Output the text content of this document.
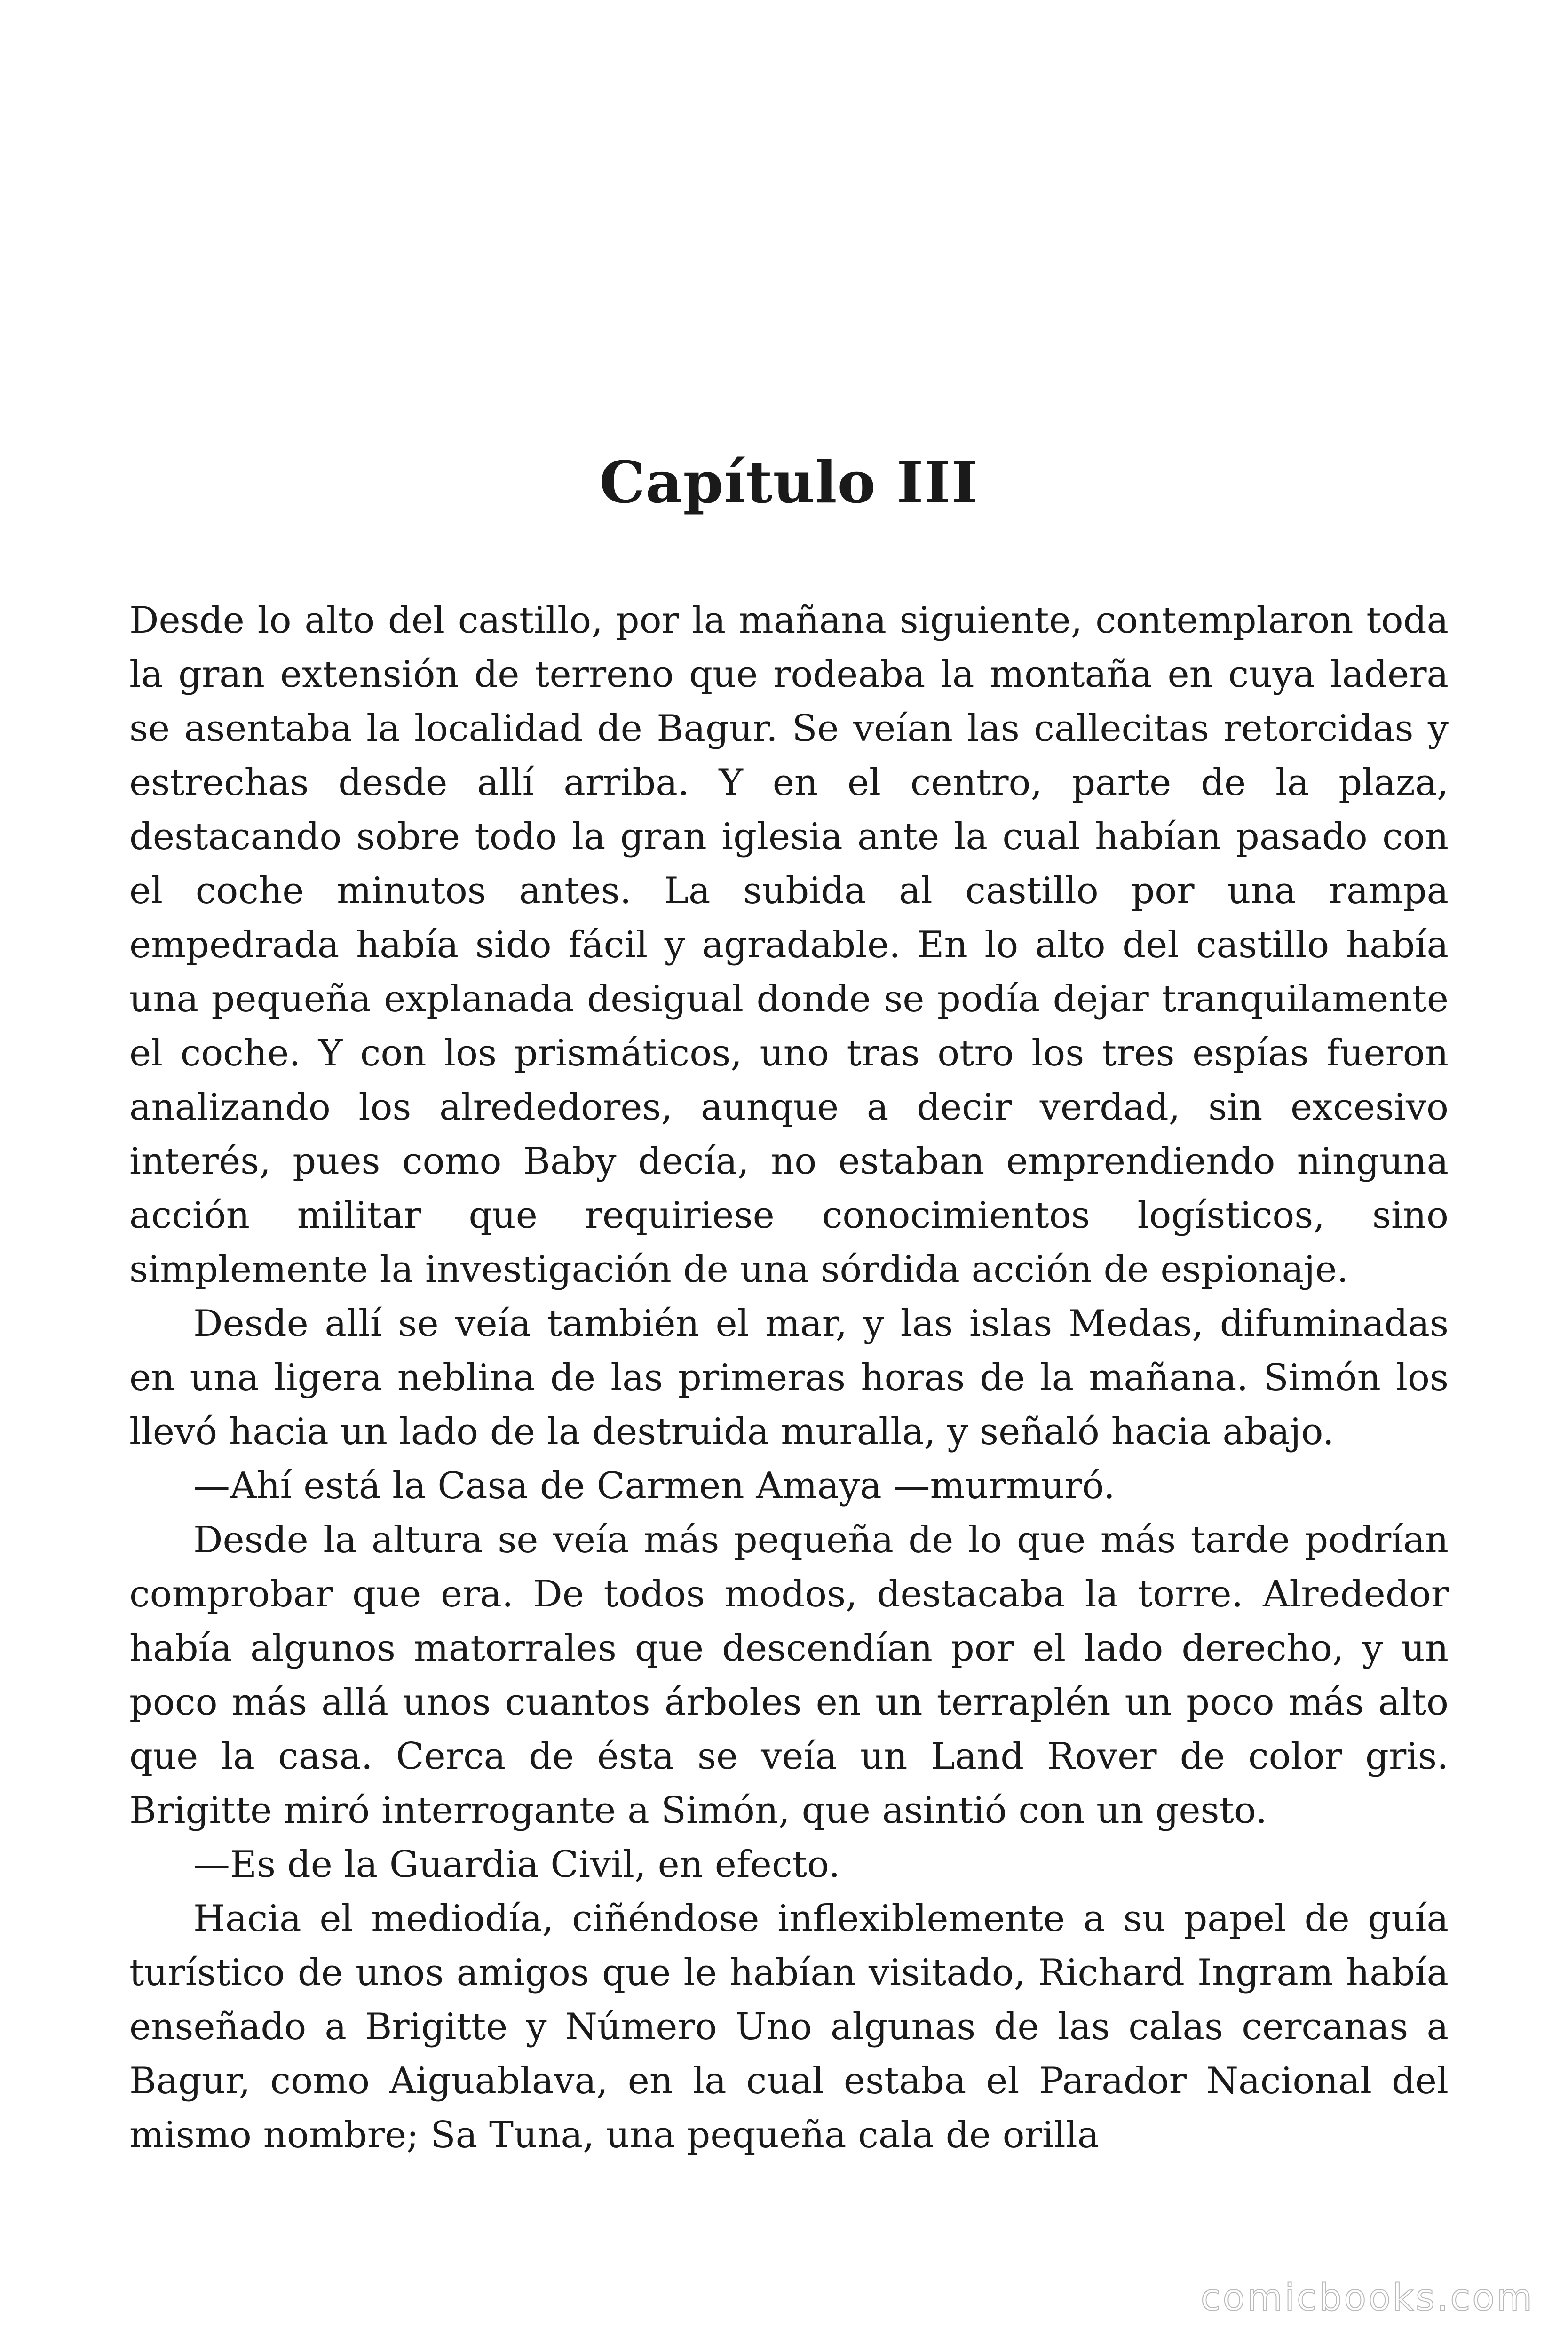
Capítulo III

Desde lo alto del castillo, por la mañana siguiente, contemplaron toda la gran extensión de terreno que rodeaba la montaña en cuya ladera se asentaba la localidad de Bagur. Se veían las callecitas retorcidas y estrechas desde allí arriba. Y en el centro, parte de la plaza, destacando sobre todo la gran iglesia ante la cual habían pasado con el coche minutos antes. La subida al castillo por una rampa empedrada había sido fácil y agradable. En lo alto del castillo había una pequeña explanada desigual donde se podía dejar tranquilamente el coche. Y con los prismáticos, uno tras otro los tres espías fueron analizando los alrededores, aunque a decir verdad, sin excesivo interés, pues como Baby decía, no estaban emprendiendo ninguna acción militar que requiriese conocimientos logísticos, sino simplemente la investigación de una sórdida acción de espionaje.

Desde allí se veía también el mar, y las islas Medas, difuminadas en una ligera neblina de las primeras horas de la mañana. Simón los llevó hacia un lado de la destruida muralla, y señaló hacia abajo.

—Ahí está la Casa de Carmen Amaya —murmuró.

Desde la altura se veía más pequeña de lo que más tarde podrían comprobar que era. De todos modos, destacaba la torre. Alrededor había algunos matorrales que descendían por el lado derecho, y un poco más allá unos cuantos árboles en un terraplén un poco más alto que la casa. Cerca de ésta se veía un Land Rover de color gris. Brigitte miró interrogante a Simón, que asintió con un gesto.

—Es de la Guardia Civil, en efecto.

Hacia el mediodía, ciñéndose inflexiblemente a su papel de guía turístico de unos amigos que le habían visitado, Richard Ingram había enseñado a Brigitte y Número Uno algunas de las calas cercanas a Bagur, como Aiguablava, en la cual estaba el Parador Nacional del mismo nombre; Sa Tuna, una pequeña cala de orilla

comicbooks.com
